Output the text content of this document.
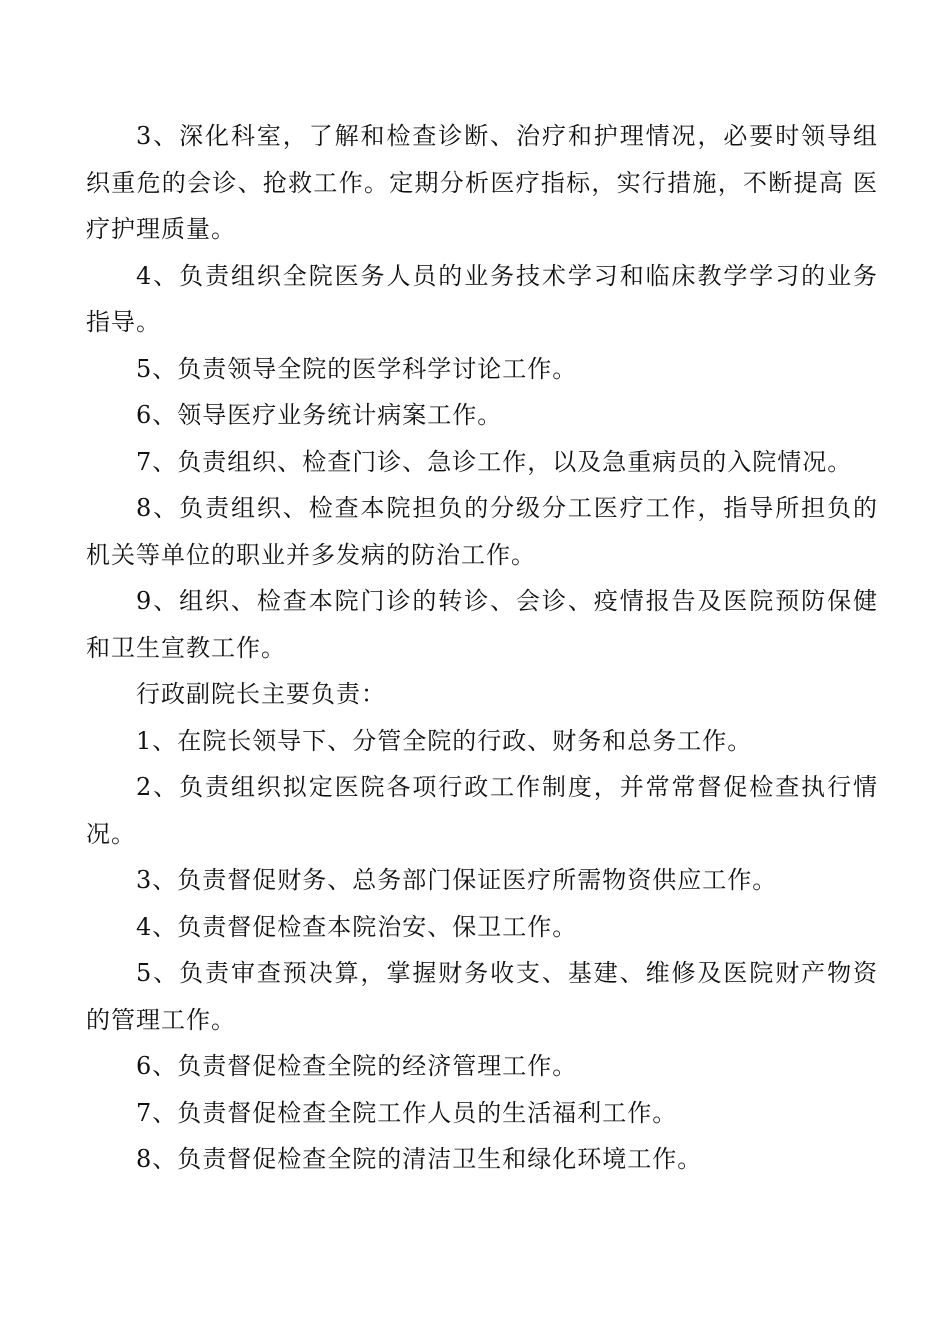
3、深化科室，了解和检查诊断、治疗和护理情况，必要时领导组 织重危的会诊、抢救工作。定期分析医疗指标，实行措施，不断提高 医疗护理质量。

4、负责组织全院医务人员的业务技术学习和临床教学学习的业务 指导。

5、负责领导全院的医学科学讨论工作。

6、领导医疗业务统计病案工作。

7、负责组织、检查门诊、急诊工作，以及急重病员的入院情况。

8、负责组织、检查本院担负的分级分工医疗工作，指导所担负的 机关等单位的职业并多发病的防治工作。

9、组织、检查本院门诊的转诊、会诊、疫情报告及医院预防保健 和卫生宣教工作。

行政副院长主要负责：

1、在院长领导下、分管全院的行政、财务和总务工作。

2、负责组织拟定医院各项行政工作制度，并常常督促检查执行情况。

3、负责督促财务、总务部门保证医疗所需物资供应工作。

4、负责督促检查本院治安、保卫工作。

5、负责审查预决算，掌握财务收支、基建、维修及医院财产物资 的管理工作。

6、负责督促检查全院的经济管理工作。

7、负责督促检查全院工作人员的生活福利工作。

8、负责督促检查全院的清洁卫生和绿化环境工作。
